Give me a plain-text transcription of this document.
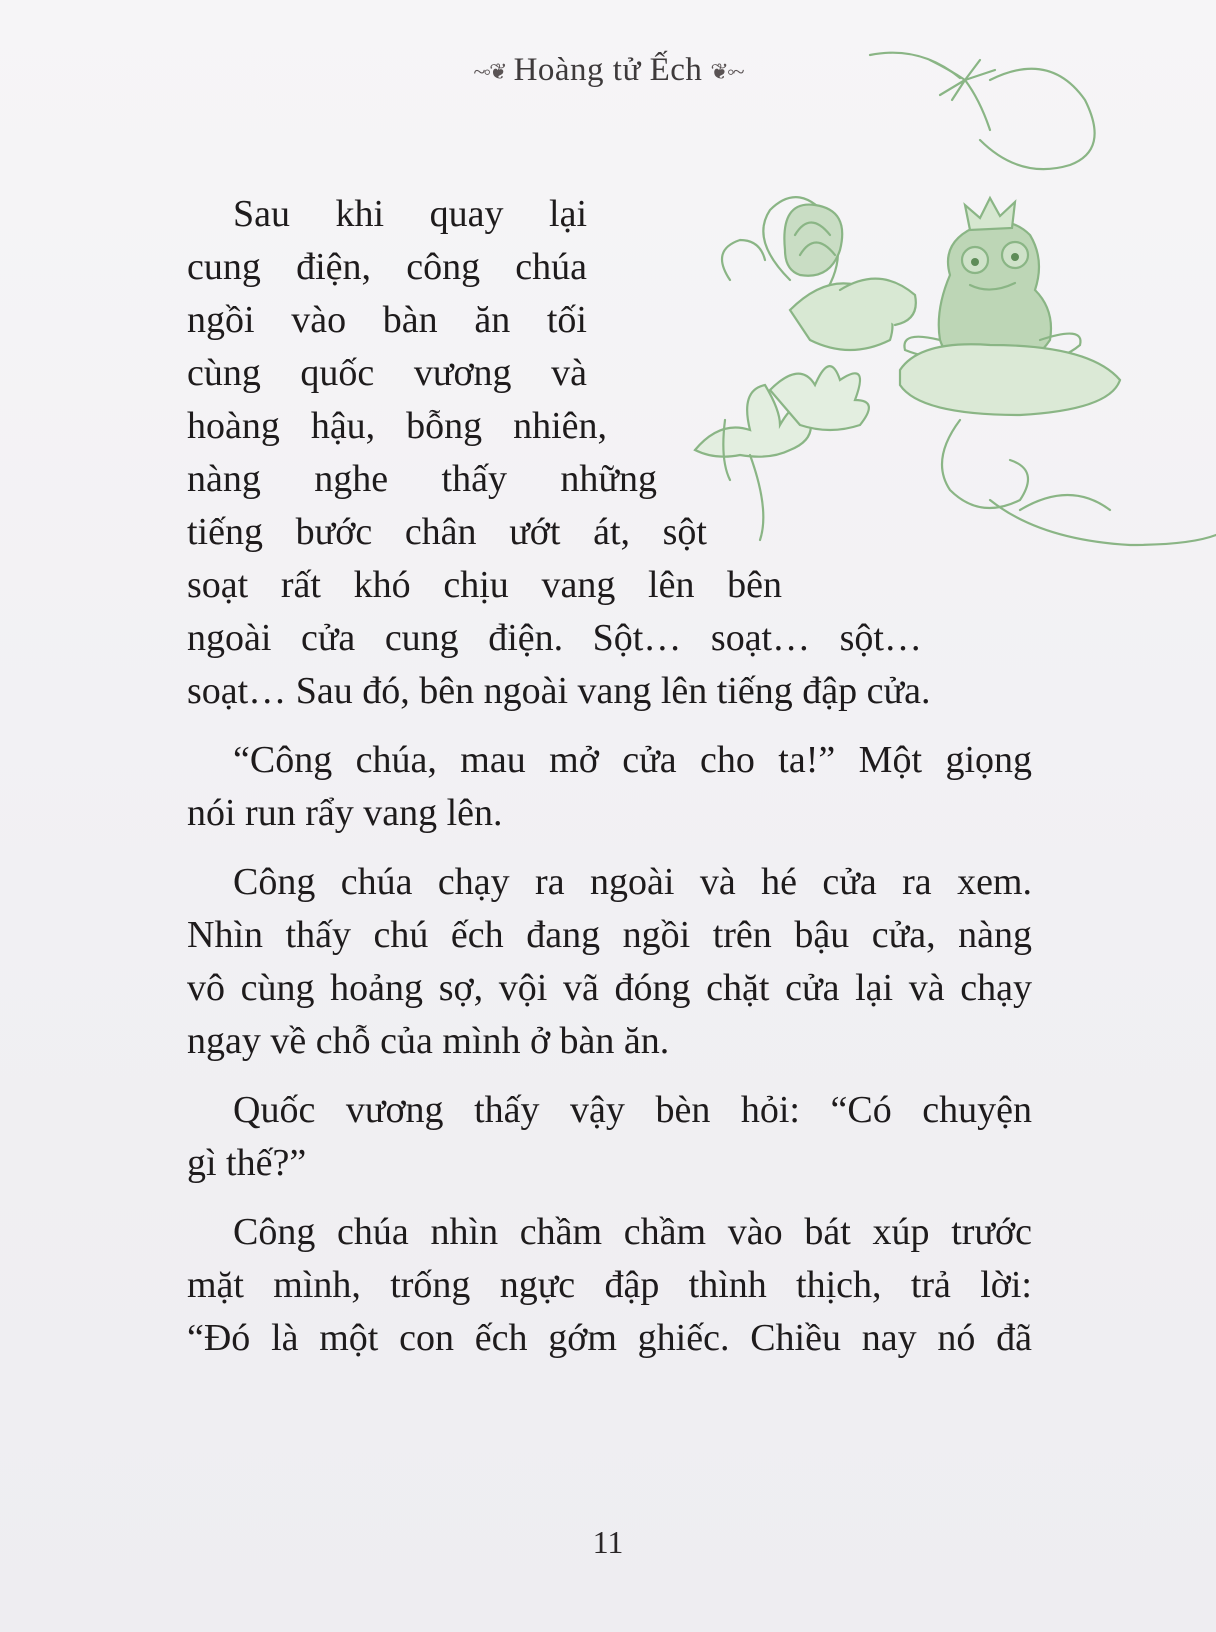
~◦❦ Hoàng tử Ếch ❦◦~
Sau khi quay lại
cung điện, công chúa
ngồi vào bàn ăn tối
cùng quốc vương và
hoàng hậu, bỗng nhiên,
nàng nghe thấy những
tiếng bước chân ướt át, sột
soạt rất khó chịu vang lên bên
ngoài cửa cung điện. Sột… soạt… sột…
soạt… Sau đó, bên ngoài vang lên tiếng đập cửa.
“Công chúa, mau mở cửa cho ta!” Một giọng
nói run rẩy vang lên.
Công chúa chạy ra ngoài và hé cửa ra xem.
Nhìn thấy chú ếch đang ngồi trên bậu cửa, nàng
vô cùng hoảng sợ, vội vã đóng chặt cửa lại và chạy
ngay về chỗ của mình ở bàn ăn.
Quốc vương thấy vậy bèn hỏi: “Có chuyện
gì thế?”
Công chúa nhìn chầm chầm vào bát xúp trước
mặt mình, trống ngực đập thình thịch, trả lời:
“Đó là một con ếch gớm ghiếc. Chiều nay nó đã
11
